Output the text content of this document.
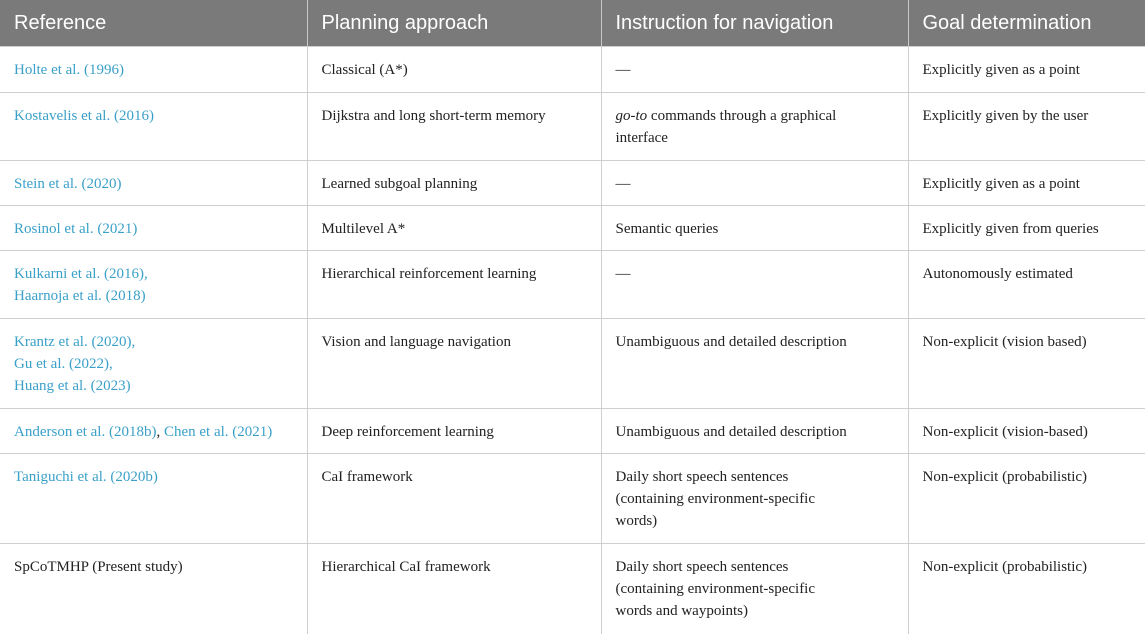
Reference	Planning approach	Instruction for navigation	Goal determination

Holte et al. (1996)	Classical (A*)	—	Explicitly given as a point

Kostavelis et al. (2016)	Dijkstra and long short-term memory	go-to commands through a graphical
interface	Explicitly given by the user

Stein et al. (2020)	Learned subgoal planning	—	Explicitly given as a point

Rosinol et al. (2021)	Multilevel A*	Semantic queries	Explicitly given from queries

Kulkarni et al. (2016),
Haarnoja et al. (2018)	Hierarchical reinforcement learning	—	Autonomously estimated

Krantz et al. (2020),
Gu et al. (2022),
Huang et al. (2023)	Vision and language navigation	Unambiguous and detailed description	Non-explicit (vision based)
Anderson et al. (2018b), Chen et al. (2021)	Deep reinforcement learning	Unambiguous and detailed description	Non-explicit (vision-based)

Taniguchi et al. (2020b)	CaI framework	Daily short speech sentences
(containing environment-specific
words)	Non-explicit (probabilistic)

SpCoTMHP (Present study)	Hierarchical CaI framework	Daily short speech sentences
(containing environment-specific
words and waypoints)	Non-explicit (probabilistic)
